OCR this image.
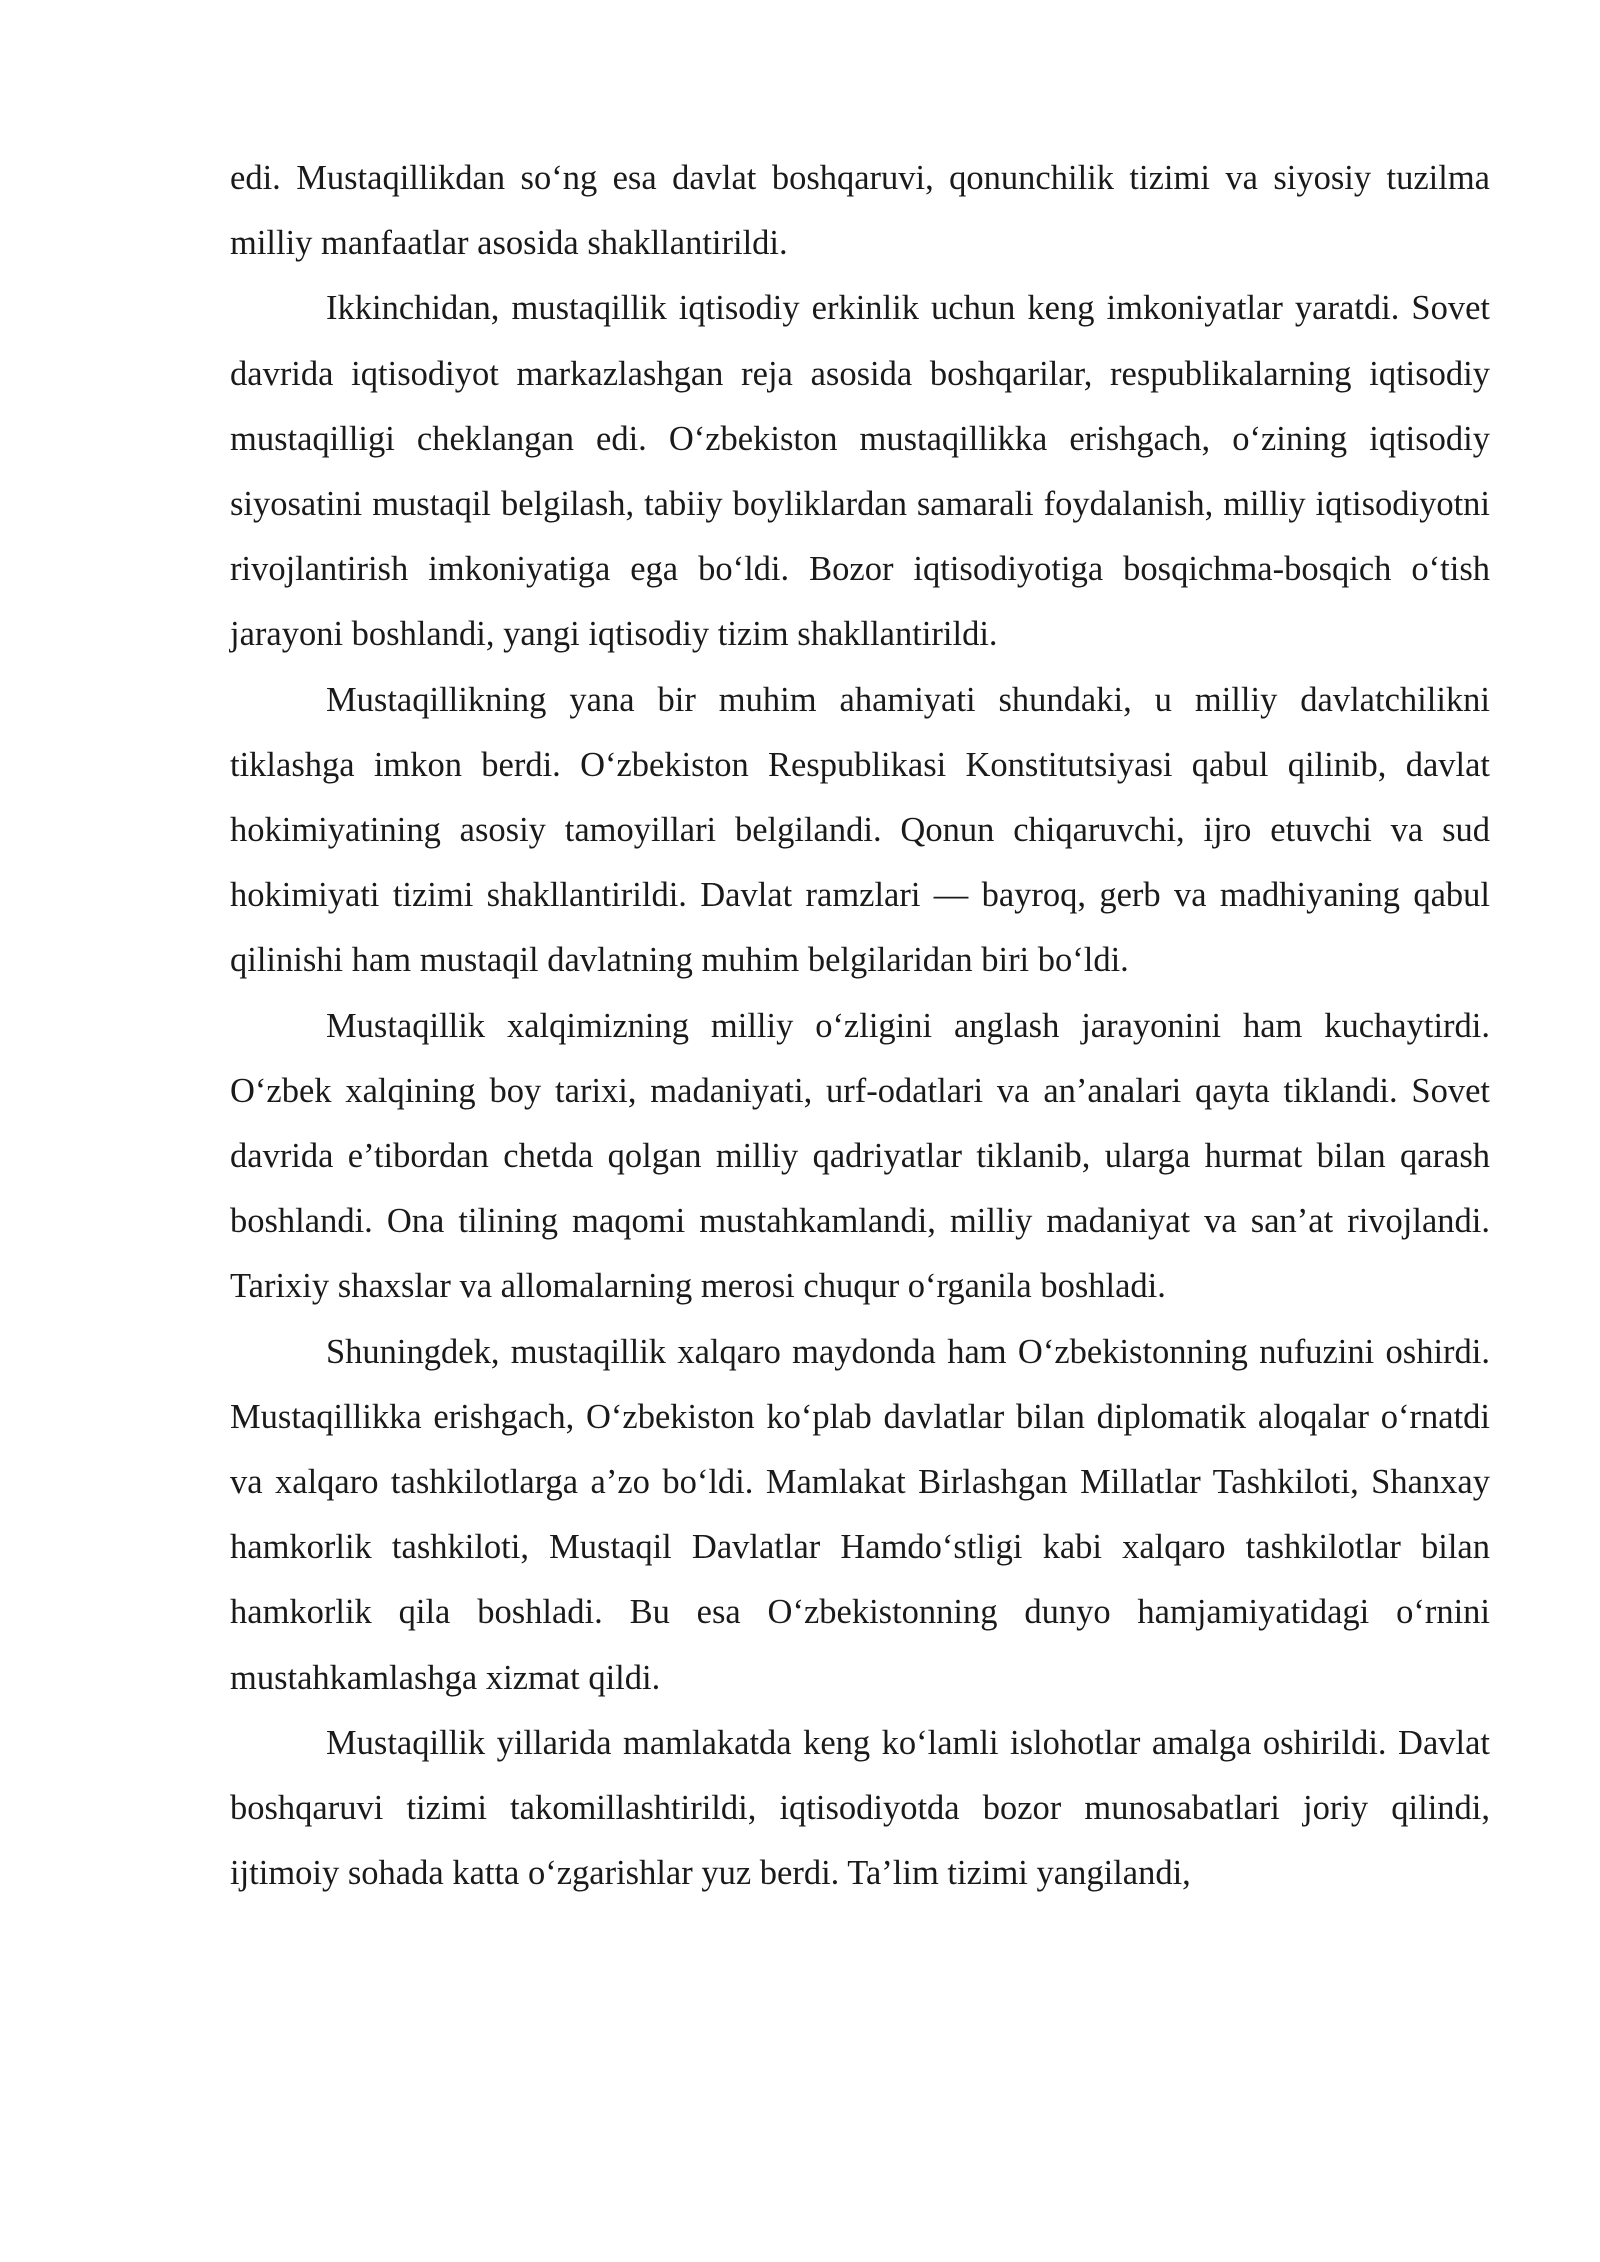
edi. Mustaqillikdan so‘ng esa davlat boshqaruvi, qonunchilik tizimi va siyosiy tuzilma milliy manfaatlar asosida shakllantirildi.

Ikkinchidan, mustaqillik iqtisodiy erkinlik uchun keng imkoniyatlar yaratdi. Sovet davrida iqtisodiyot markazlashgan reja asosida boshqarilar, respublikalarning iqtisodiy mustaqilligi cheklangan edi. O‘zbekiston mustaqillikka erishgach, o‘zining iqtisodiy siyosatini mustaqil belgilash, tabiiy boyliklardan samarali foydalanish, milliy iqtisodiyotni rivojlantirish imkoniyatiga ega bo‘ldi. Bozor iqtisodiyotiga bosqichma-bosqich o‘tish jarayoni boshlandi, yangi iqtisodiy tizim shakllantirildi.

Mustaqillikning yana bir muhim ahamiyati shundaki, u milliy davlatchilikni tiklashga imkon berdi. O‘zbekiston Respublikasi Konstitutsiyasi qabul qilinib, davlat hokimiyatining asosiy tamoyillari belgilandi. Qonun chiqaruvchi, ijro etuvchi va sud hokimiyati tizimi shakllantirildi. Davlat ramzlari — bayroq, gerb va madhiyaning qabul qilinishi ham mustaqil davlatning muhim belgilaridan biri bo‘ldi.

Mustaqillik xalqimizning milliy o‘zligini anglash jarayonini ham kuchaytirdi. O‘zbek xalqining boy tarixi, madaniyati, urf-odatlari va an’analari qayta tiklandi. Sovet davrida e’tibordan chetda qolgan milliy qadriyatlar tiklanib, ularga hurmat bilan qarash boshlandi. Ona tilining maqomi mustahkamlandi, milliy madaniyat va san’at rivojlandi. Tarixiy shaxslar va allomalarning merosi chuqur o‘rganila boshladi.

Shuningdek, mustaqillik xalqaro maydonda ham O‘zbekistonning nufuzini oshirdi. Mustaqillikka erishgach, O‘zbekiston ko‘plab davlatlar bilan diplomatik aloqalar o‘rnatdi va xalqaro tashkilotlarga a’zo bo‘ldi. Mamlakat Birlashgan Millatlar Tashkiloti, Shanxay hamkorlik tashkiloti, Mustaqil Davlatlar Hamdo‘stligi kabi xalqaro tashkilotlar bilan hamkorlik qila boshladi. Bu esa O‘zbekistonning dunyo hamjamiyatidagi o‘rnini mustahkamlashga xizmat qildi.

Mustaqillik yillarida mamlakatda keng ko‘lamli islohotlar amalga oshirildi. Davlat boshqaruvi tizimi takomillashtirildi, iqtisodiyotda bozor munosabatlari joriy qilindi, ijtimoiy sohada katta o‘zgarishlar yuz berdi. Ta’lim tizimi yangilandi,
